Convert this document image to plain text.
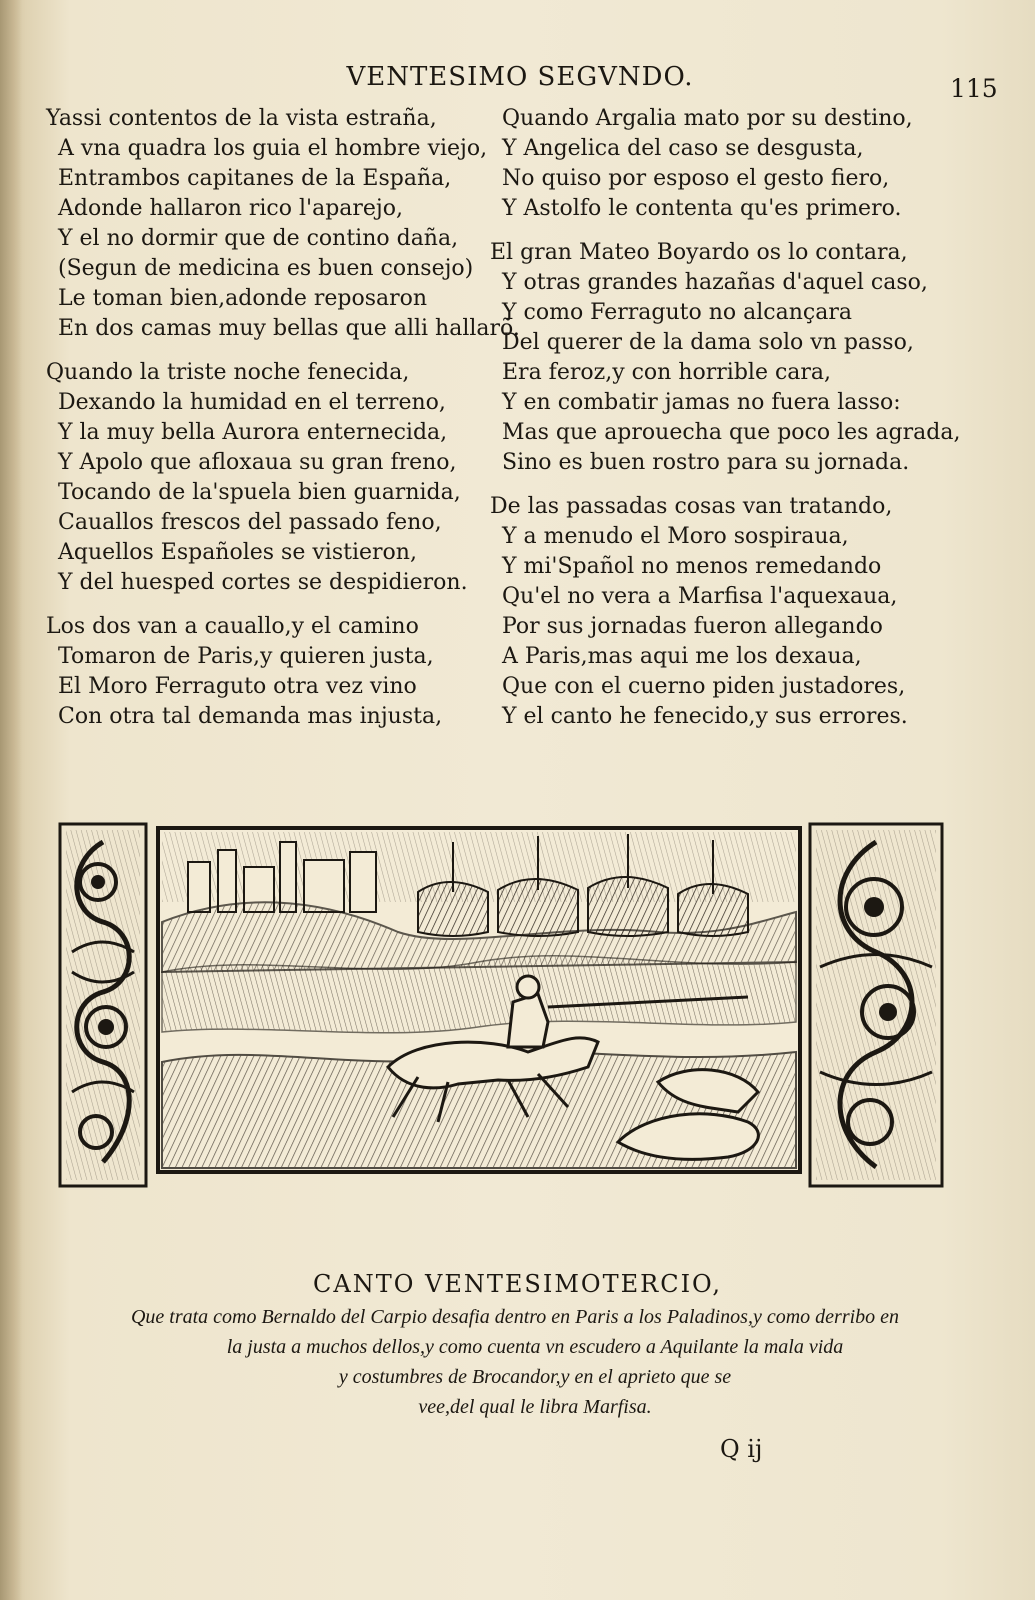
VENTESIMO SEGVNDO.	115
Yassi contentos de la vista estraña,
A vna quadra los guia el hombre viejo,
Entrambos capitanes de la España,
Adonde hallaron rico l'aparejo,
Y el no dormir que de contino daña,
(Segun de medicina es buen consejo)
Le toman bien,adonde reposaron
En dos camas muy bellas que alli hallarõ.
Quando la triste noche fenecida,
Dexando la humidad en el terreno,
Y la muy bella Aurora enternecida,
Y Apolo que afloxaua su gran freno,
Tocando de la'spuela bien guarnida,
Cauallos frescos del passado feno,
Aquellos Españoles se vistieron,
Y del huesped cortes se despidieron.
Los dos van a cauallo,y el camino
Tomaron de Paris,y quieren justa,
El Moro Ferraguto otra vez vino
Con otra tal demanda mas injusta,
Quando Argalia mato por su destino,
Y Angelica del caso se desgusta,
No quiso por esposo el gesto fiero,
Y Astolfo le contenta qu'es primero.
El gran Mateo Boyardo os lo contara,
Y otras grandes hazañas d'aquel caso,
Y como Ferraguto no alcançara
Del querer de la dama solo vn passo,
Era feroz,y con horrible cara,
Y en combatir jamas no fuera lasso:
Mas que aprouecha que poco les agrada,
Sino es buen rostro para su jornada.
De las passadas cosas van tratando,
Y a menudo el Moro sospiraua,
Y mi'Spañol no menos remedando
Qu'el no vera a Marfisa l'aquexaua,
Por sus jornadas fueron allegando
A Paris,mas aqui me los dexaua,
Que con el cuerno piden justadores,
Y el canto he fenecido,y sus errores.
CANTO VENTESIMOTERCIO,
Que trata como Bernaldo del Carpio desafia dentro en Paris a los Paladinos,y como derribo en
la justa a muchos dellos,y como cuenta vn escudero a Aquilante la mala vida
y costumbres de Brocandor,y en el aprieto que se
vee,del qual le libra Marfisa.
Q ij
